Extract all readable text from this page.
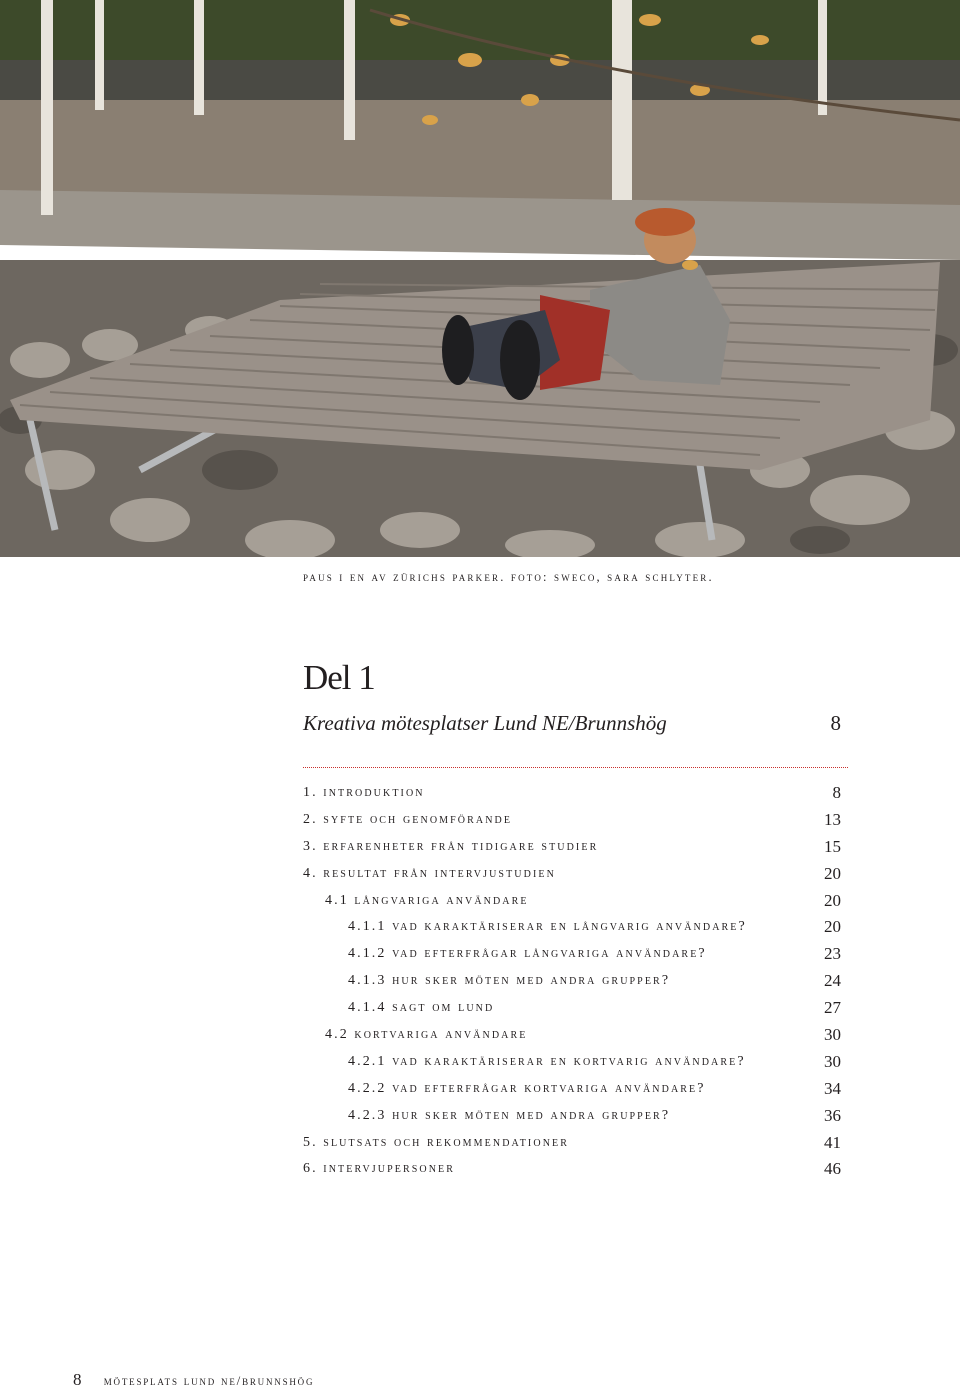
paus i en av zürichs parker. foto: sweco, sara schlyter.
Del 1
Kreativa mötesplatser Lund NE/Brunnshög	8
1. introduktion	8
2. syfte och genomförande	13
3. erfarenheter från tidigare studier	15
4. resultat från intervjustudien	20
4.1 långvariga användare	20
4.1.1 vad karaktäriserar en långvarig användare?	20
4.1.2 vad efterfrågar långvariga användare?	23
4.1.3 hur sker möten med andra grupper?	24
4.1.4 sagt om lund	27
4.2 kortvariga användare	30
4.2.1 vad karaktäriserar en kortvarig användare?	30
4.2.2 vad efterfrågar kortvariga användare?	34
4.2.3 hur sker möten med andra grupper?	36
5. slutsats och rekommendationer	41
6. intervjupersoner	46
8 mötesplats lund ne/brunnshög
